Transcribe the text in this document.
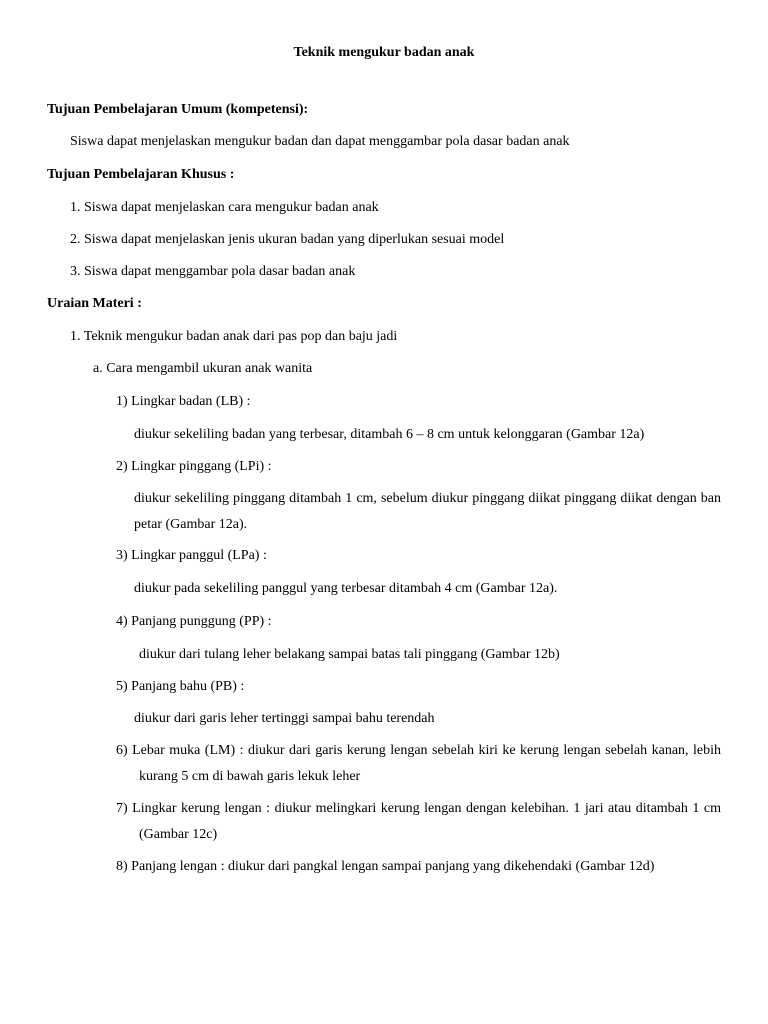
Teknik mengukur badan anak
Tujuan Pembelajaran Umum (kompetensi):
Siswa dapat menjelaskan mengukur badan dan dapat menggambar pola dasar badan anak
Tujuan Pembelajaran Khusus :
1. Siswa dapat menjelaskan cara mengukur badan anak
2. Siswa dapat menjelaskan jenis ukuran badan yang diperlukan sesuai model
3. Siswa dapat menggambar pola dasar badan anak
Uraian Materi :
1. Teknik mengukur badan anak dari pas pop dan baju jadi
a. Cara mengambil ukuran anak wanita
1) Lingkar badan (LB) :
diukur sekeliling badan yang terbesar, ditambah 6 – 8 cm untuk kelonggaran (Gambar 12a)
2) Lingkar pinggang (LPi) :
diukur sekeliling pinggang ditambah 1 cm, sebelum diukur pinggang diikat pinggang diikat dengan ban petar (Gambar 12a).
3) Lingkar panggul (LPa) :
diukur pada sekeliling panggul yang terbesar ditambah 4 cm (Gambar 12a).
4) Panjang punggung (PP) :
diukur dari tulang leher belakang sampai batas tali pinggang (Gambar 12b)
5) Panjang bahu (PB) :
diukur dari garis leher tertinggi sampai bahu terendah
6) Lebar muka (LM) : diukur dari garis kerung lengan sebelah kiri ke kerung lengan sebelah kanan, lebih kurang 5 cm di bawah garis lekuk leher
7) Lingkar kerung lengan : diukur melingkari kerung lengan dengan kelebihan. 1 jari atau ditambah 1 cm (Gambar 12c)
8) Panjang lengan : diukur dari pangkal lengan sampai panjang yang dikehendaki (Gambar 12d)
